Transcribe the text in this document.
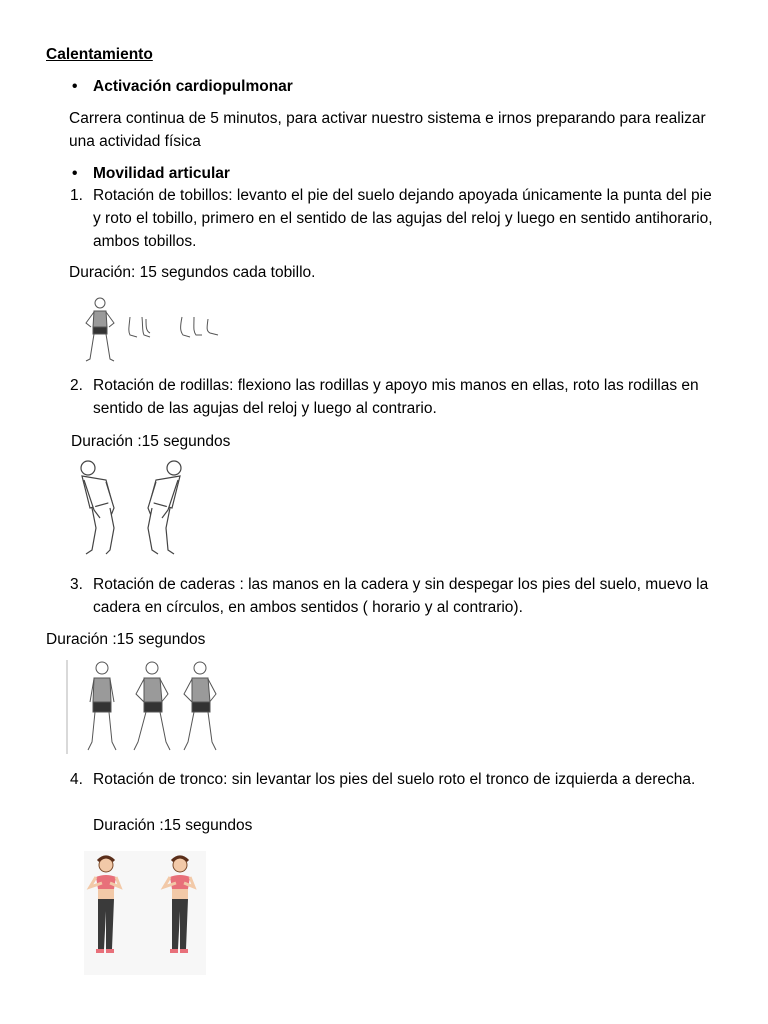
Calentamiento
• Activación cardiopulmonar
Carrera continua de 5 minutos, para activar nuestro sistema e irnos preparando para realizar una actividad física
• Movilidad articular
1. Rotación de tobillos: levanto el pie del suelo dejando apoyada únicamente la punta del pie y roto el tobillo, primero en el sentido de las agujas del reloj y luego en sentido antihorario, ambos tobillos.
Duración: 15 segundos cada tobillo.
2. Rotación de rodillas: flexiono las rodillas y apoyo mis manos en ellas, roto las rodillas en sentido de las agujas del reloj y luego al contrario.
Duración :15 segundos
3. Rotación de caderas : las manos en la cadera y sin despegar los pies del suelo, muevo la cadera en círculos, en ambos sentidos ( horario y al contrario).
Duración :15 segundos
4. Rotación de tronco: sin levantar los pies del suelo roto el tronco de izquierda a derecha.
Duración :15 segundos
